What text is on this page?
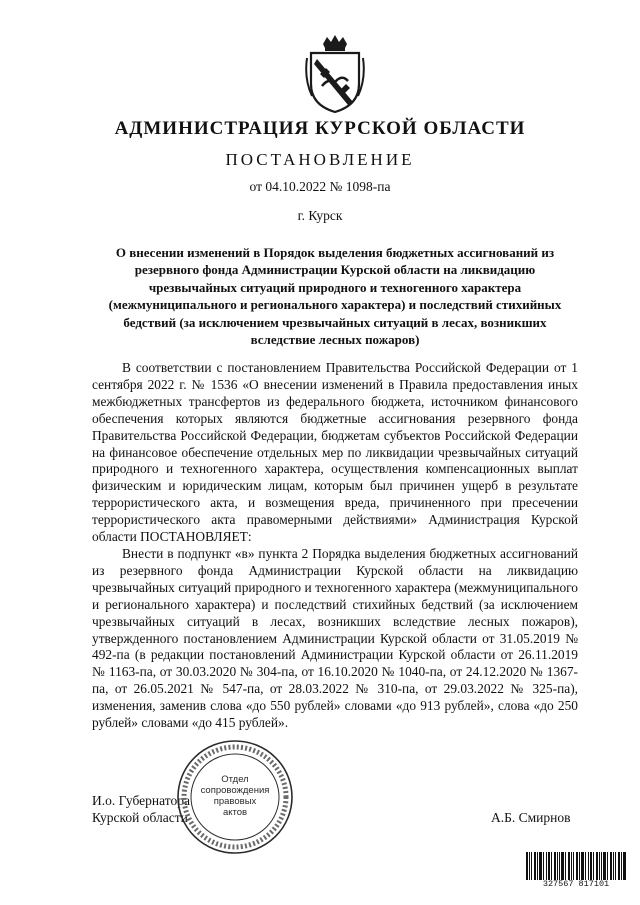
АДМИНИСТРАЦИЯ КУРСКОЙ ОБЛАСТИ
ПОСТАНОВЛЕНИЕ
от 04.10.2022 № 1098-па
г. Курск
О внесении изменений в Порядок выделения бюджетных ассигнований из резервного фонда Администрации Курской области на ликвидацию чрезвычайных ситуаций природного и техногенного характера (межмуниципального и регионального характера) и последствий стихийных бедствий (за исключением чрезвычайных ситуаций в лесах, возникших вследствие лесных пожаров)

В соответствии с постановлением Правительства Российской Федерации от 1 сентября 2022 г. № 1536 «О внесении изменений в Правила предоставления иных межбюджетных трансфертов из федерального бюджета, источником финансового обеспечения которых являются бюджетные ассигнования резервного фонда Правительства Российской Федерации, бюджетам субъектов Российской Федерации на финансовое обеспечение отдельных мер по ликвидации чрезвычайных ситуаций природного и техногенного характера, осуществления компенсационных выплат физическим и юридическим лицам, которым был причинен ущерб в результате террористического акта, и возмещения вреда, причиненного при пресечении террористического акта правомерными действиями» Администрация Курской области ПОСТАНОВЛЯЕТ:

Внести в подпункт «в» пункта 2 Порядка выделения бюджетных ассигнований из резервного фонда Администрации Курской области на ликвидацию чрезвычайных ситуаций природного и техногенного характера (межмуниципального и регионального характера) и последствий стихийных бедствий (за исключением чрезвычайных ситуаций в лесах, возникших вследствие лесных пожаров), утвержденного постановлением Администрации Курской области от 31.05.2019 № 492-па (в редакции постановлений Администрации Курской области от 26.11.2019 № 1163-па, от 30.03.2020 № 304-па, от 16.10.2020 № 1040-па, от 24.12.2020 № 1367-па, от 26.05.2021 № 547-па, от 28.03.2022 № 310-па, от 29.03.2022 № 325-па), изменения, заменив слова «до 550 рублей» словами «до 913 рублей», слова «до 250 рублей» словами «до 415 рублей».

И.о. Губернатора
Курской области	А.Б. Смирнов
Отдел
сопровождения
правовых
актов
327567 817101
